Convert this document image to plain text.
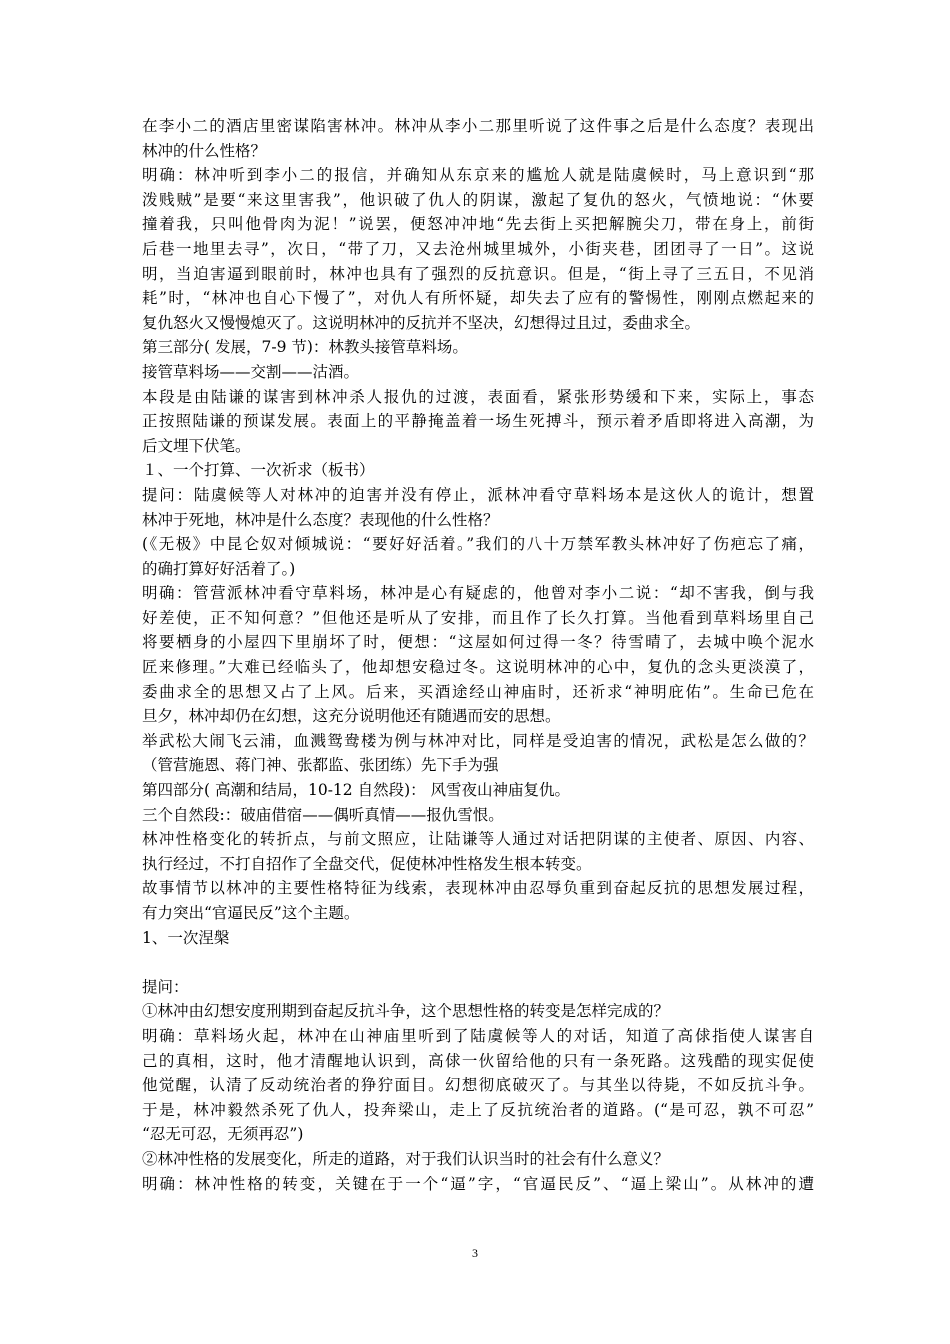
在李小二的酒店里密谋陷害林冲。林冲从李小二那里听说了这件事之后是什么态度？表现出
林冲的什么性格？
明确：林冲听到李小二的报信，并确知从东京来的尴尬人就是陆虞候时，马上意识到“那
泼贱贼”是要“来这里害我”，他识破了仇人的阴谋，激起了复仇的怒火，气愤地说：“休要
撞着我，只叫他骨肉为泥！”说罢，便怒冲冲地“先去街上买把解腕尖刀，带在身上，前街
后巷一地里去寻”，次日，“带了刀，又去沧州城里城外，小街夹巷，团团寻了一日”。这说
明，当迫害逼到眼前时，林冲也具有了强烈的反抗意识。但是，“街上寻了三五日，不见消
耗”时，“林冲也自心下慢了”，对仇人有所怀疑，却失去了应有的警惕性，刚刚点燃起来的
复仇怒火又慢慢熄灭了。这说明林冲的反抗并不坚决，幻想得过且过，委曲求全。
第三部分( 发展，7-9 节)：林教头接管草料场。
接管草料场——交割——沽酒。
本段是由陆谦的谋害到林冲杀人报仇的过渡，表面看，紧张形势缓和下来，实际上，事态
正按照陆谦的预谋发展。表面上的平静掩盖着一场生死搏斗，预示着矛盾即将进入高潮，为
后文埋下伏笔。
１、一个打算、一次祈求（板书）
提问：陆虞候等人对林冲的迫害并没有停止，派林冲看守草料场本是这伙人的诡计，想置
林冲于死地，林冲是什么态度？表现他的什么性格？
(《无极》中昆仑奴对倾城说：“要好好活着。”我们的八十万禁军教头林冲好了伤疤忘了痛，
的确打算好好活着了。)
明确：管营派林冲看守草料场，林冲是心有疑虑的，他曾对李小二说：“却不害我，倒与我
好差使，正不知何意？”但他还是听从了安排，而且作了长久打算。当他看到草料场里自己
将要栖身的小屋四下里崩坏了时，便想：“这屋如何过得一冬？待雪晴了，去城中唤个泥水
匠来修理。”大难已经临头了，他却想安稳过冬。这说明林冲的心中，复仇的念头更淡漠了，
委曲求全的思想又占了上风。后来，买酒途经山神庙时，还祈求“神明庇佑”。生命已危在
旦夕，林冲却仍在幻想，这充分说明他还有随遇而安的思想。
举武松大闹飞云浦，血溅鸳鸯楼为例与林冲对比，同样是受迫害的情况，武松是怎么做的？
（管营施恩、蒋门神、张都监、张团练）先下手为强
第四部分( 高潮和结局，10-12 自然段)： 风雪夜山神庙复仇。
三个自然段:：破庙借宿——偶听真情——报仇雪恨。
林冲性格变化的转折点，与前文照应，让陆谦等人通过对话把阴谋的主使者、原因、内容、
执行经过，不打自招作了全盘交代，促使林冲性格发生根本转变。
故事情节以林冲的主要性格特征为线索，表现林冲由忍辱负重到奋起反抗的思想发展过程，
有力突出“官逼民反”这个主题。
1、一次涅槃
提问：
①林冲由幻想安度刑期到奋起反抗斗争，这个思想性格的转变是怎样完成的？
明确：草料场火起，林冲在山神庙里听到了陆虞候等人的对话，知道了高俅指使人谋害自
己的真相，这时，他才清醒地认识到，高俅一伙留给他的只有一条死路。这残酷的现实促使
他觉醒，认清了反动统治者的狰狞面目。幻想彻底破灭了。与其坐以待毙，不如反抗斗争。
于是，林冲毅然杀死了仇人，投奔梁山，走上了反抗统治者的道路。(“是可忍，孰不可忍”
“忍无可忍，无须再忍”)
②林冲性格的发展变化，所走的道路，对于我们认识当时的社会有什么意义？
明确：林冲性格的转变，关键在于一个“逼”字，“官逼民反”、“逼上梁山”。从林冲的遭
3
